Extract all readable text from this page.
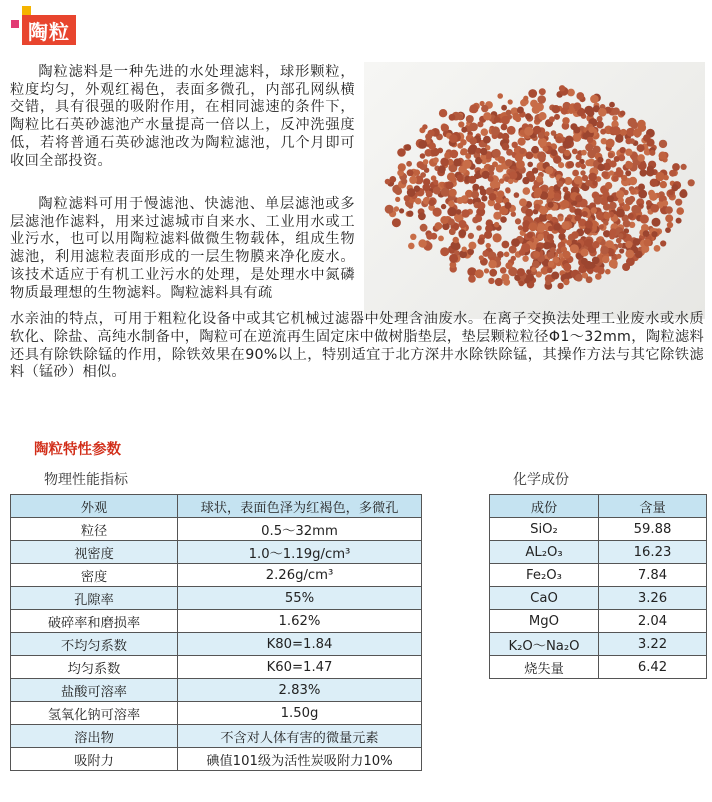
陶粒

陶粒滤料是一种先进的水处理滤料，球形颗粒，粒度均匀，外观红褐色，表面多微孔，内部孔网纵横交错，具有很强的吸附作用，在相同滤速的条件下，陶粒比石英砂滤池产水量提高一倍以上，反冲洗强度低，若将普通石英砂滤池改为陶粒滤池，几个月即可收回全部投资。

陶粒滤料可用于慢滤池、快滤池、单层滤池或多层滤池作滤料，用来过滤城市自来水、工业用水或工业污水，也可以用陶粒滤料做微生物载体，组成生物滤池，利用滤粒表面形成的一层生物膜来净化废水。该技术适应于有机工业污水的处理，是处理水中氮磷物质最理想的生物滤料。陶粒滤料具有疏

水亲油的特点，可用于粗粒化设备中或其它机械过滤器中处理含油废水。在离子交换法处理工业废水或水质软化、除盐、高纯水制备中，陶粒可在逆流再生固定床中做树脂垫层，垫层颗粒粒径Φ1～32mm，陶粒滤料还具有除铁除锰的作用，除铁效果在90%以上，特别适宜于北方深井水除铁除锰，其操作方法与其它除铁滤料（锰砂）相似。

陶粒特性参数
物理性能指标	化学成份
外观	球状，表面色泽为红褐色，多微孔
粒径	0.5～32mm
视密度	1.0～1.19g/cm³
密度	2.26g/cm³
孔隙率	55%
破碎率和磨损率	1.62%
不均匀系数	K80=1.84
均匀系数	K60=1.47
盐酸可溶率	2.83%
氢氧化钠可溶率	1.50g
溶出物	不含对人体有害的微量元素
吸附力	碘值101级为活性炭吸附力10%
成份	含量
SiO₂	59.88
AL₂O₃	16.23
Fe₂O₃	7.84
CaO	3.26
MgO	2.04
K₂O～Na₂O	3.22
烧失量	6.42
